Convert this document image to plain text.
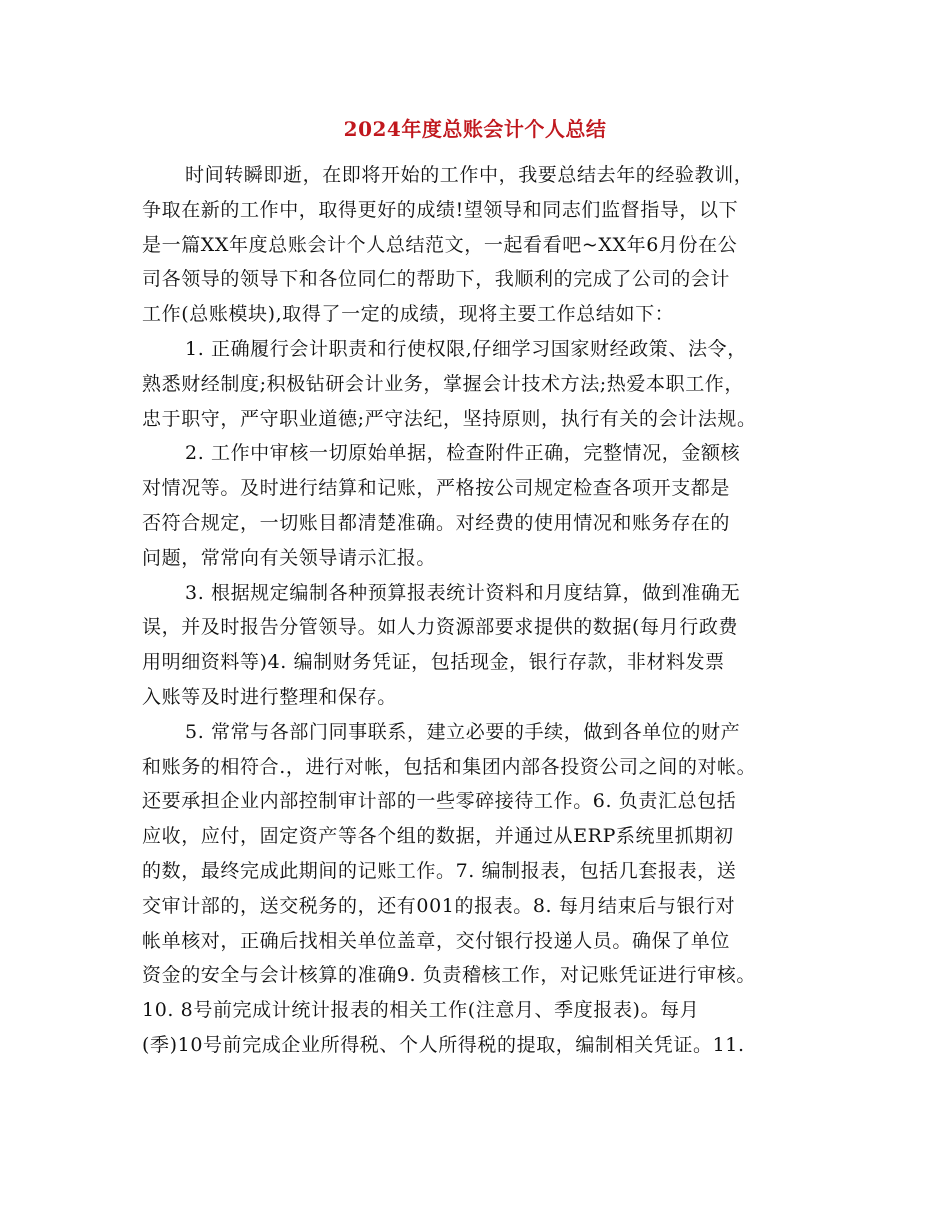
2024年度总账会计个人总结
时间转瞬即逝，在即将开始的工作中，我要总结去年的经验教训，
争取在新的工作中，取得更好的成绩!望领导和同志们监督指导，以下
是一篇XX年度总账会计个人总结范文，一起看看吧~XX年6月份在公
司各领导的领导下和各位同仁的帮助下，我顺利的完成了公司的会计
工作(总账模块),取得了一定的成绩，现将主要工作总结如下：
1. 正确履行会计职责和行使权限,仔细学习国家财经政策、法令，
熟悉财经制度;积极钻研会计业务，掌握会计技术方法;热爱本职工作，
忠于职守，严守职业道德;严守法纪，坚持原则，执行有关的会计法规。
2. 工作中审核一切原始单据，检查附件正确，完整情况，金额核
对情况等。及时进行结算和记账，严格按公司规定检查各项开支都是
否符合规定，一切账目都清楚准确。对经费的使用情况和账务存在的
问题，常常向有关领导请示汇报。
3. 根据规定编制各种预算报表统计资料和月度结算，做到准确无
误，并及时报告分管领导。如人力资源部要求提供的数据(每月行政费
用明细资料等)4. 编制财务凭证，包括现金，银行存款，非材料发票
入账等及时进行整理和保存。
5. 常常与各部门同事联系，建立必要的手续，做到各单位的财产
和账务的相符合.，进行对帐，包括和集团内部各投资公司之间的对帐。
还要承担企业内部控制审计部的一些零碎接待工作。6. 负责汇总包括
应收，应付，固定资产等各个组的数据，并通过从ERP系统里抓期初
的数，最终完成此期间的记账工作。7. 编制报表，包括几套报表，送
交审计部的，送交税务的，还有001的报表。8. 每月结束后与银行对
帐单核对，正确后找相关单位盖章，交付银行投递人员。确保了单位
资金的安全与会计核算的准确9. 负责稽核工作，对记账凭证进行审核。
10. 8号前完成计统计报表的相关工作(注意月、季度报表)。每月
(季)10号前完成企业所得税、个人所得税的提取，编制相关凭证。11.
